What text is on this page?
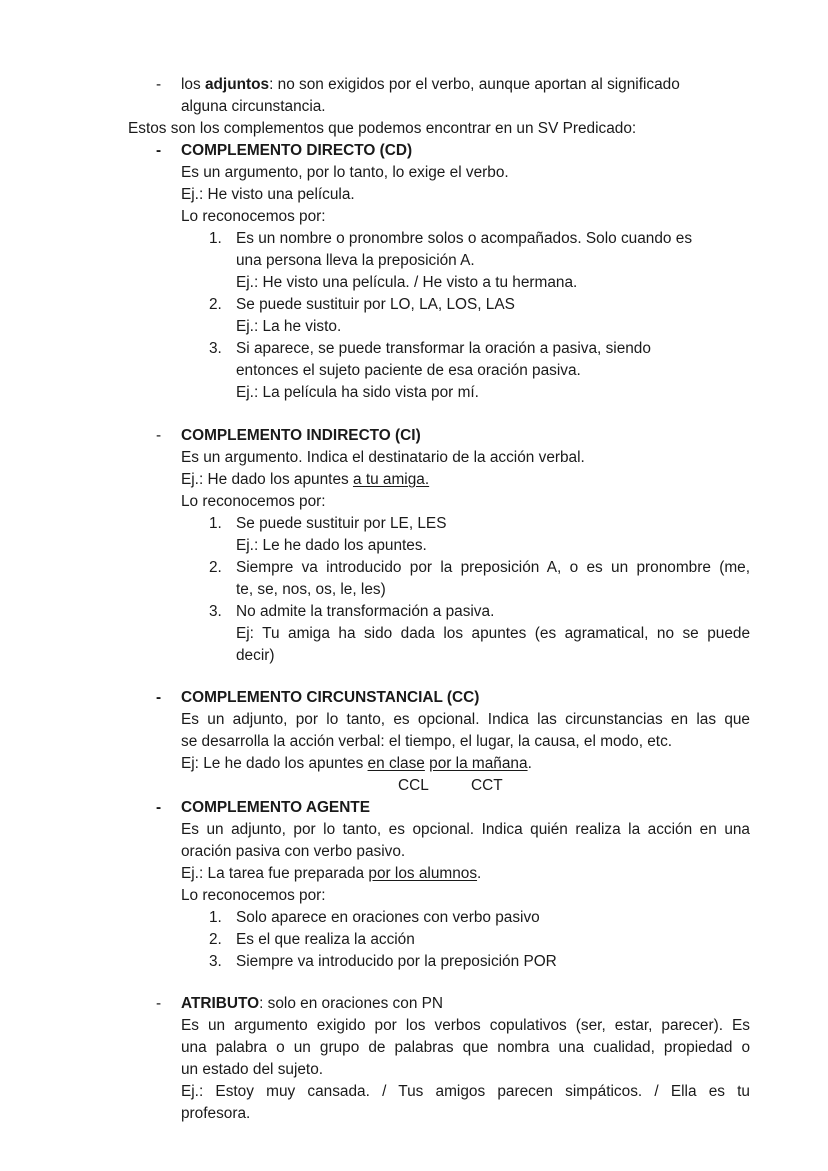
- los adjuntos: no son exigidos por el verbo, aunque aportan al significado
alguna circunstancia.
Estos son los complementos que podemos encontrar en un SV Predicado:
- COMPLEMENTO DIRECTO (CD)
Es un argumento, por lo tanto, lo exige el verbo.
Ej.: He visto una película.
Lo reconocemos por:
1. Es un nombre o pronombre solos o acompañados. Solo cuando es
una persona lleva la preposición A.
Ej.: He visto una película. / He visto a tu hermana.
2. Se puede sustituir por LO, LA, LOS, LAS
Ej.: La he visto.
3. Si aparece, se puede transformar la oración a pasiva, siendo
entonces el sujeto paciente de esa oración pasiva.
Ej.: La película ha sido vista por mí.
- COMPLEMENTO INDIRECTO (CI)
Es un argumento. Indica el destinatario de la acción verbal.
Ej.: He dado los apuntes a tu amiga.
Lo reconocemos por:
1. Se puede sustituir por LE, LES
Ej.: Le he dado los apuntes.
2. Siempre va introducido por la preposición A, o es un pronombre (me,
te, se, nos, os, le, les)
3. No admite la transformación a pasiva.
Ej: Tu amiga ha sido dada los apuntes (es agramatical, no se puede
decir)
- COMPLEMENTO CIRCUNSTANCIAL (CC)
Es un adjunto, por lo tanto, es opcional. Indica las circunstancias en las que
se desarrolla la acción verbal: el tiempo, el lugar, la causa, el modo, etc.
Ej: Le he dado los apuntes en clase por la mañana.
CCL	CCT
- COMPLEMENTO AGENTE
Es un adjunto, por lo tanto, es opcional. Indica quién realiza la acción en una
oración pasiva con verbo pasivo.
Ej.: La tarea fue preparada por los alumnos.
Lo reconocemos por:
1. Solo aparece en oraciones con verbo pasivo
2. Es el que realiza la acción
3. Siempre va introducido por la preposición POR
- ATRIBUTO: solo en oraciones con PN
Es un argumento exigido por los verbos copulativos (ser, estar, parecer). Es
una palabra o un grupo de palabras que nombra una cualidad, propiedad o
un estado del sujeto.
Ej.: Estoy muy cansada. / Tus amigos parecen simpáticos. / Ella es tu
profesora.
